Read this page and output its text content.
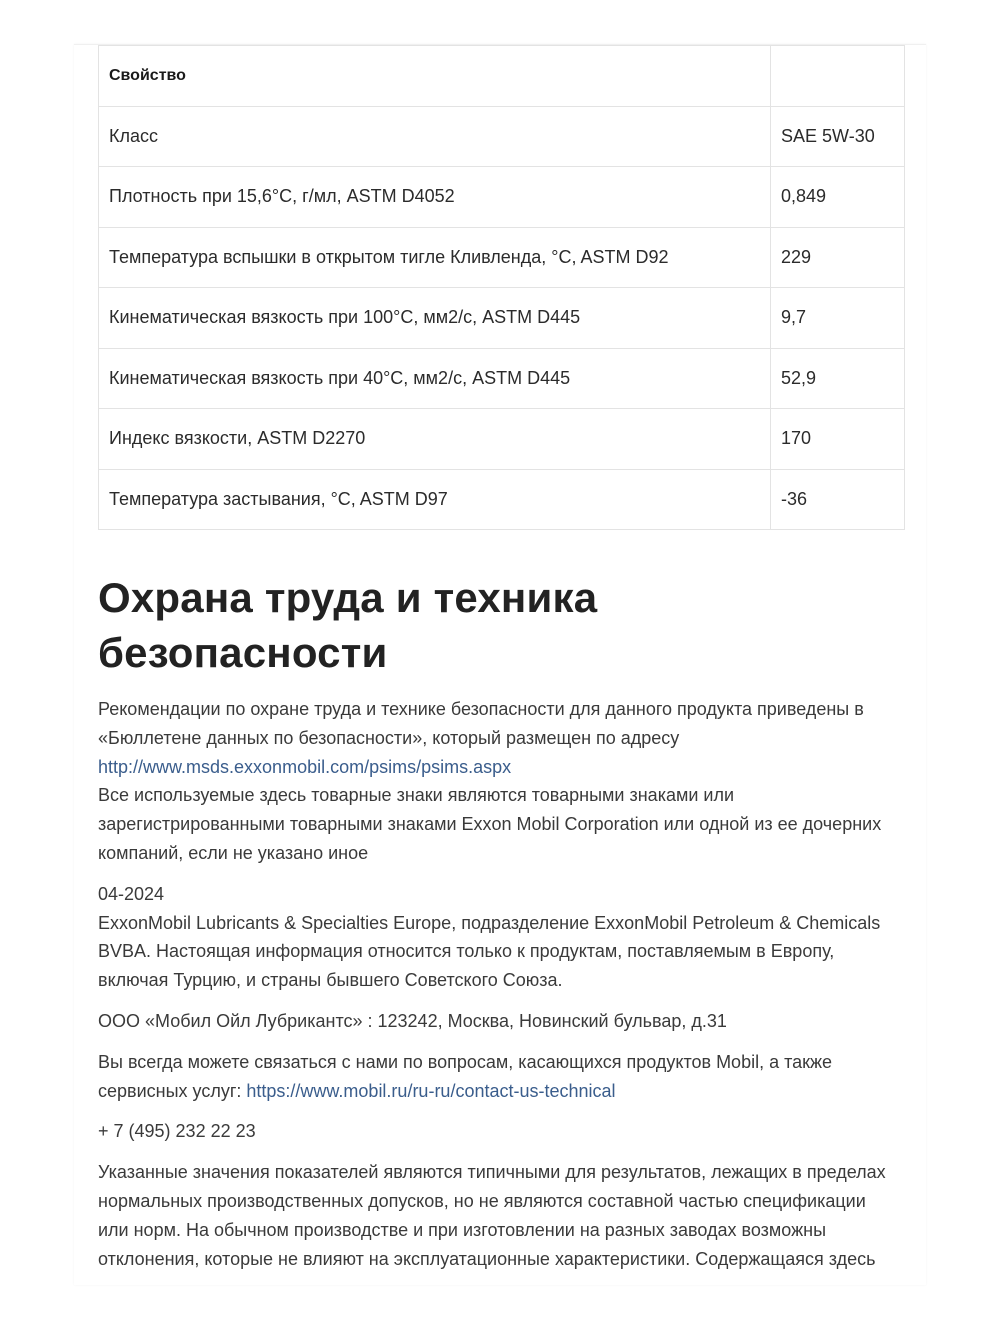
Свойство	
Класс	SAE 5W-30
Плотность при 15,6°C, г/мл, ASTM D4052	0,849
Температура вспышки в открытом тигле Кливленда, °C, ASTM D92	229
Кинематическая вязкость при 100°C, мм2/с, ASTM D445	9,7
Кинематическая вязкость при 40°C, мм2/с, ASTM D445	52,9
Индекс вязкости, ASTM D2270	170
Температура застывания, °C, ASTM D97	-36
Охрана труда и техника
безопасности

Рекомендации по охране труда и технике безопасности для данного продукта приведены в
«Бюллетене данных по безопасности», который размещен по адресу
http://www.msds.exxonmobil.com/psims/psims.aspx
Все используемые здесь товарные знаки являются товарными знаками или
зарегистрированными товарными знаками Exxon Mobil Corporation или одной из ее дочерних
компаний, если не указано иное

04-2024
ExxonMobil Lubricants & Specialties Europe, подразделение ExxonMobil Petroleum & Chemicals
BVBA. Настоящая информация относится только к продуктам, поставляемым в Европу,
включая Турцию, и страны бывшего Советского Союза.

ООО «Мобил Ойл Лубрикантс» : 123242, Москва, Новинский бульвар, д.31

Вы всегда можете связаться с нами по вопросам, касающихся продуктов Mobil, а также
сервисных услуг: https://www.mobil.ru/ru-ru/contact-us-technical

+ 7 (495) 232 22 23

Указанные значения показателей являются типичными для результатов, лежащих в пределах
нормальных производственных допусков, но не являются составной частью спецификации
или норм. На обычном производстве и при изготовлении на разных заводах возможны
отклонения, которые не влияют на эксплуатационные характеристики. Содержащаяся здесь
